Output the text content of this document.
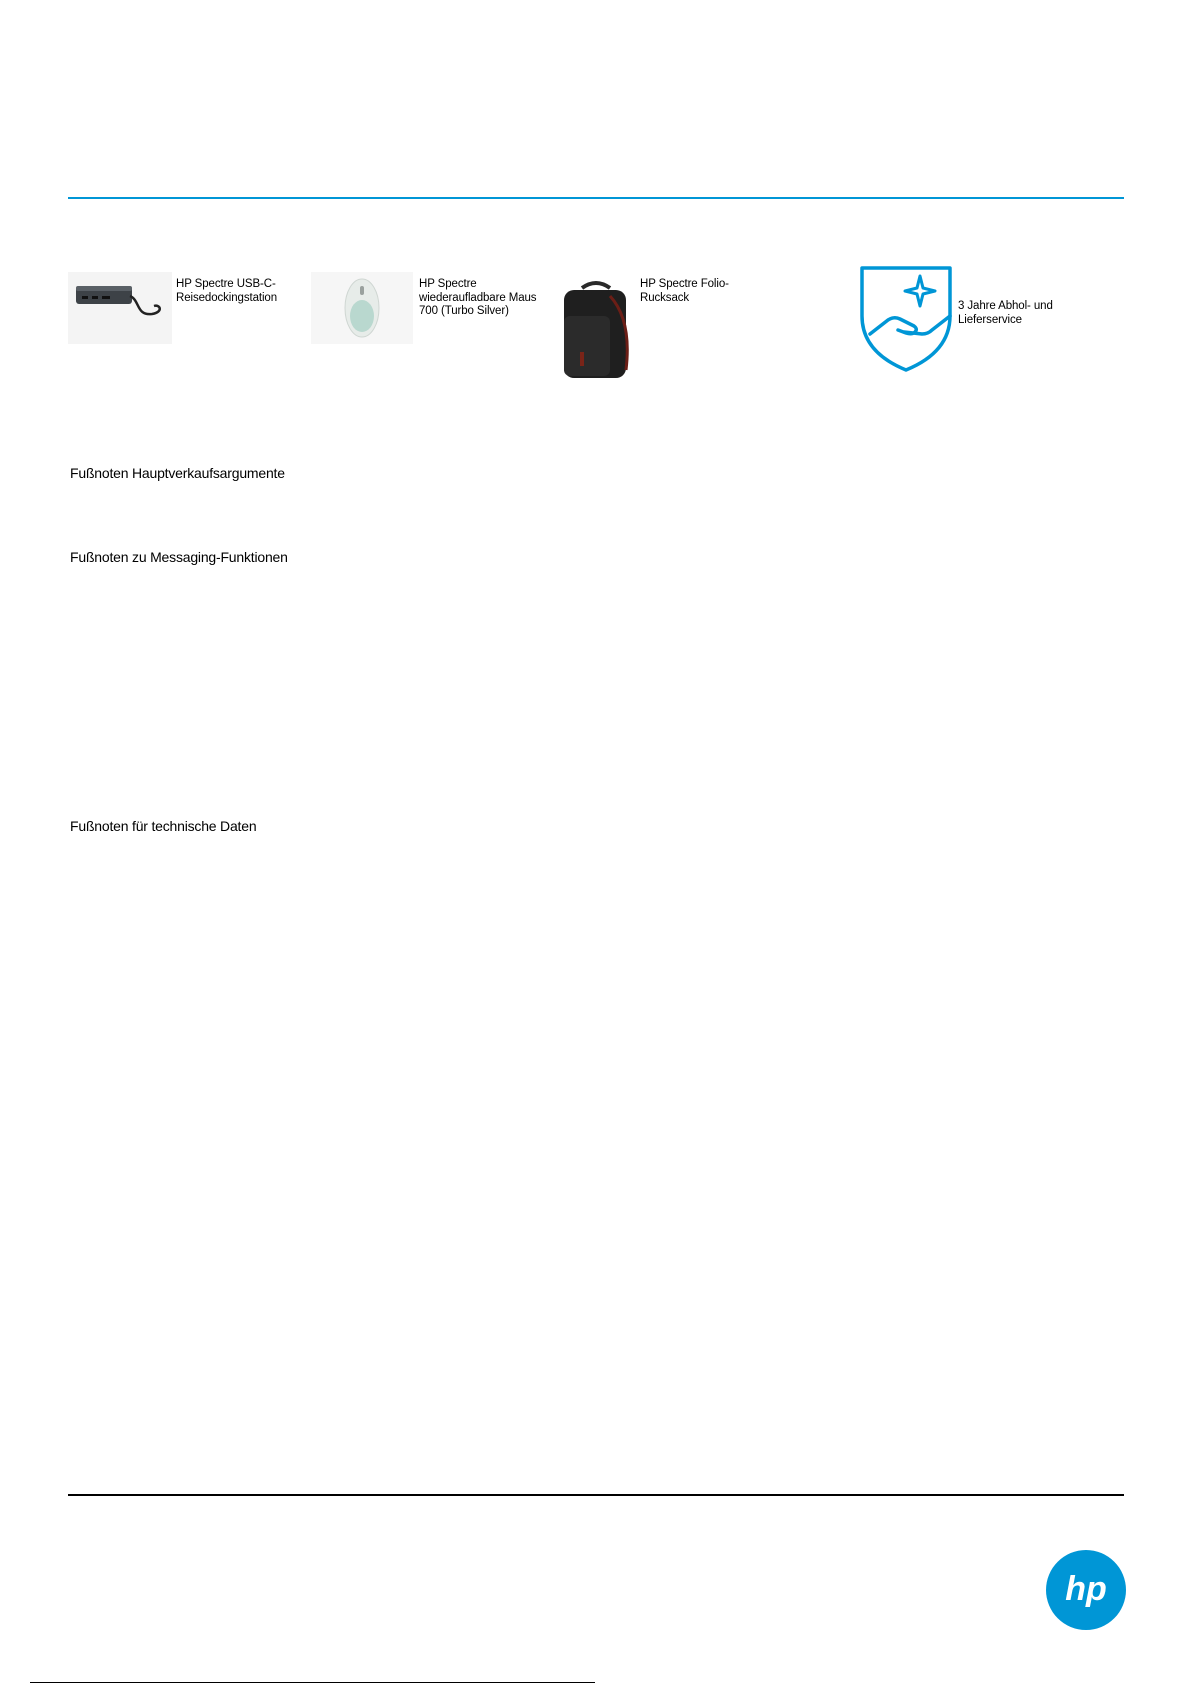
HP Spectre USB-C-
Reisedockingstation
HP Spectre
wiederaufladbare Maus
700 (Turbo Silver)
HP Spectre Folio-
Rucksack
3 Jahre Abhol- und
Lieferservice
Fußnoten Hauptverkaufsargumente
Fußnoten zu Messaging-Funktionen
Fußnoten für technische Daten
hp
